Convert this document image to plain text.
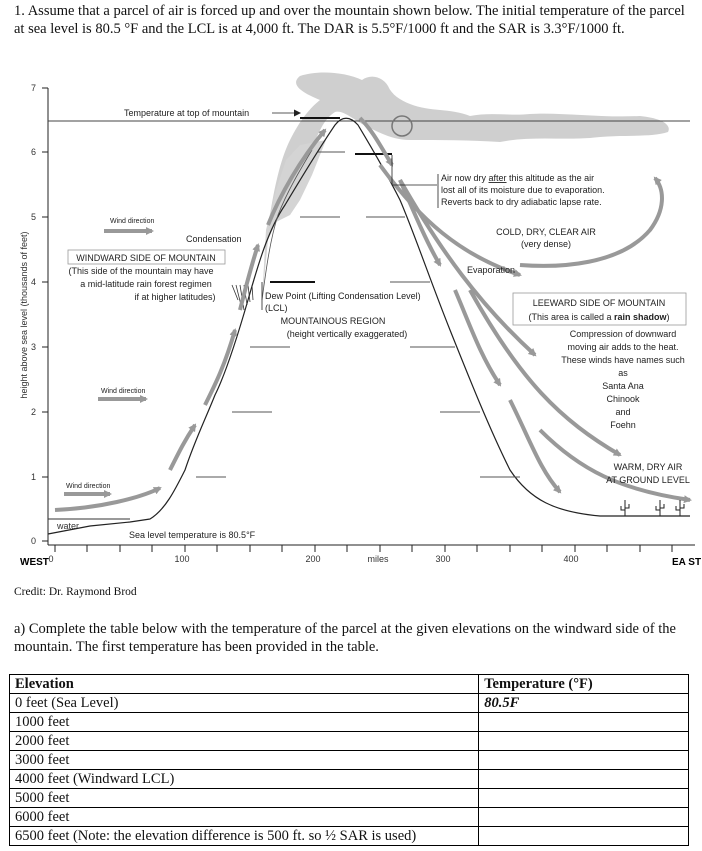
1. Assume that a parcel of air is forced up and over the mountain shown below. The initial temperature of the parcel at sea level is 80.5 °F and the LCL is at 4,000 ft. The DAR is 5.5°F/1000 ft and the SAR is 3.3°F/1000 ft.
7
6
5
4
3
2
1
0
0	100	200	miles	300	400
height above sea level (thousands of feet)
WEST	EA ST
water
Temperature at top of mountain
Wind direction
Wind direction
Wind direction
Condensation
WINDWARD SIDE OF MOUNTAIN
(This side of the mountain may have
a mid-latitude rain forest regimen
if at higher latitudes)	Dew Point (Lifting Condensation Level)
(LCL)
MOUNTAINOUS REGION
(height vertically exaggerated)
Air now dry after this altitude as the air
lost all of its moisture due to evaporation.
Reverts back to dry adiabatic lapse rate.
COLD, DRY, CLEAR AIR
(very dense)
Evaporation
LEEWARD SIDE OF MOUNTAIN
(This area is called a rain shadow)
Compression of downward
moving air adds to the heat.
These winds have names such
as
Santa Ana
Chinook
and
Foehn
WARM, DRY AIR
AT GROUND LEVEL
Sea level temperature is 80.5°F
Credit: Dr. Raymond Brod
a) Complete the table below with the temperature of the parcel at the given elevations on the windward side of the mountain. The first temperature has been provided in the table.
Elevation	Temperature (°F)
0 feet (Sea Level)	80.5F
1000 feet	
2000 feet	
3000 feet	
4000 feet (Windward LCL)	
5000 feet	
6000 feet	
6500 feet (Note: the elevation difference is 500 ft. so ½ SAR is used)	
